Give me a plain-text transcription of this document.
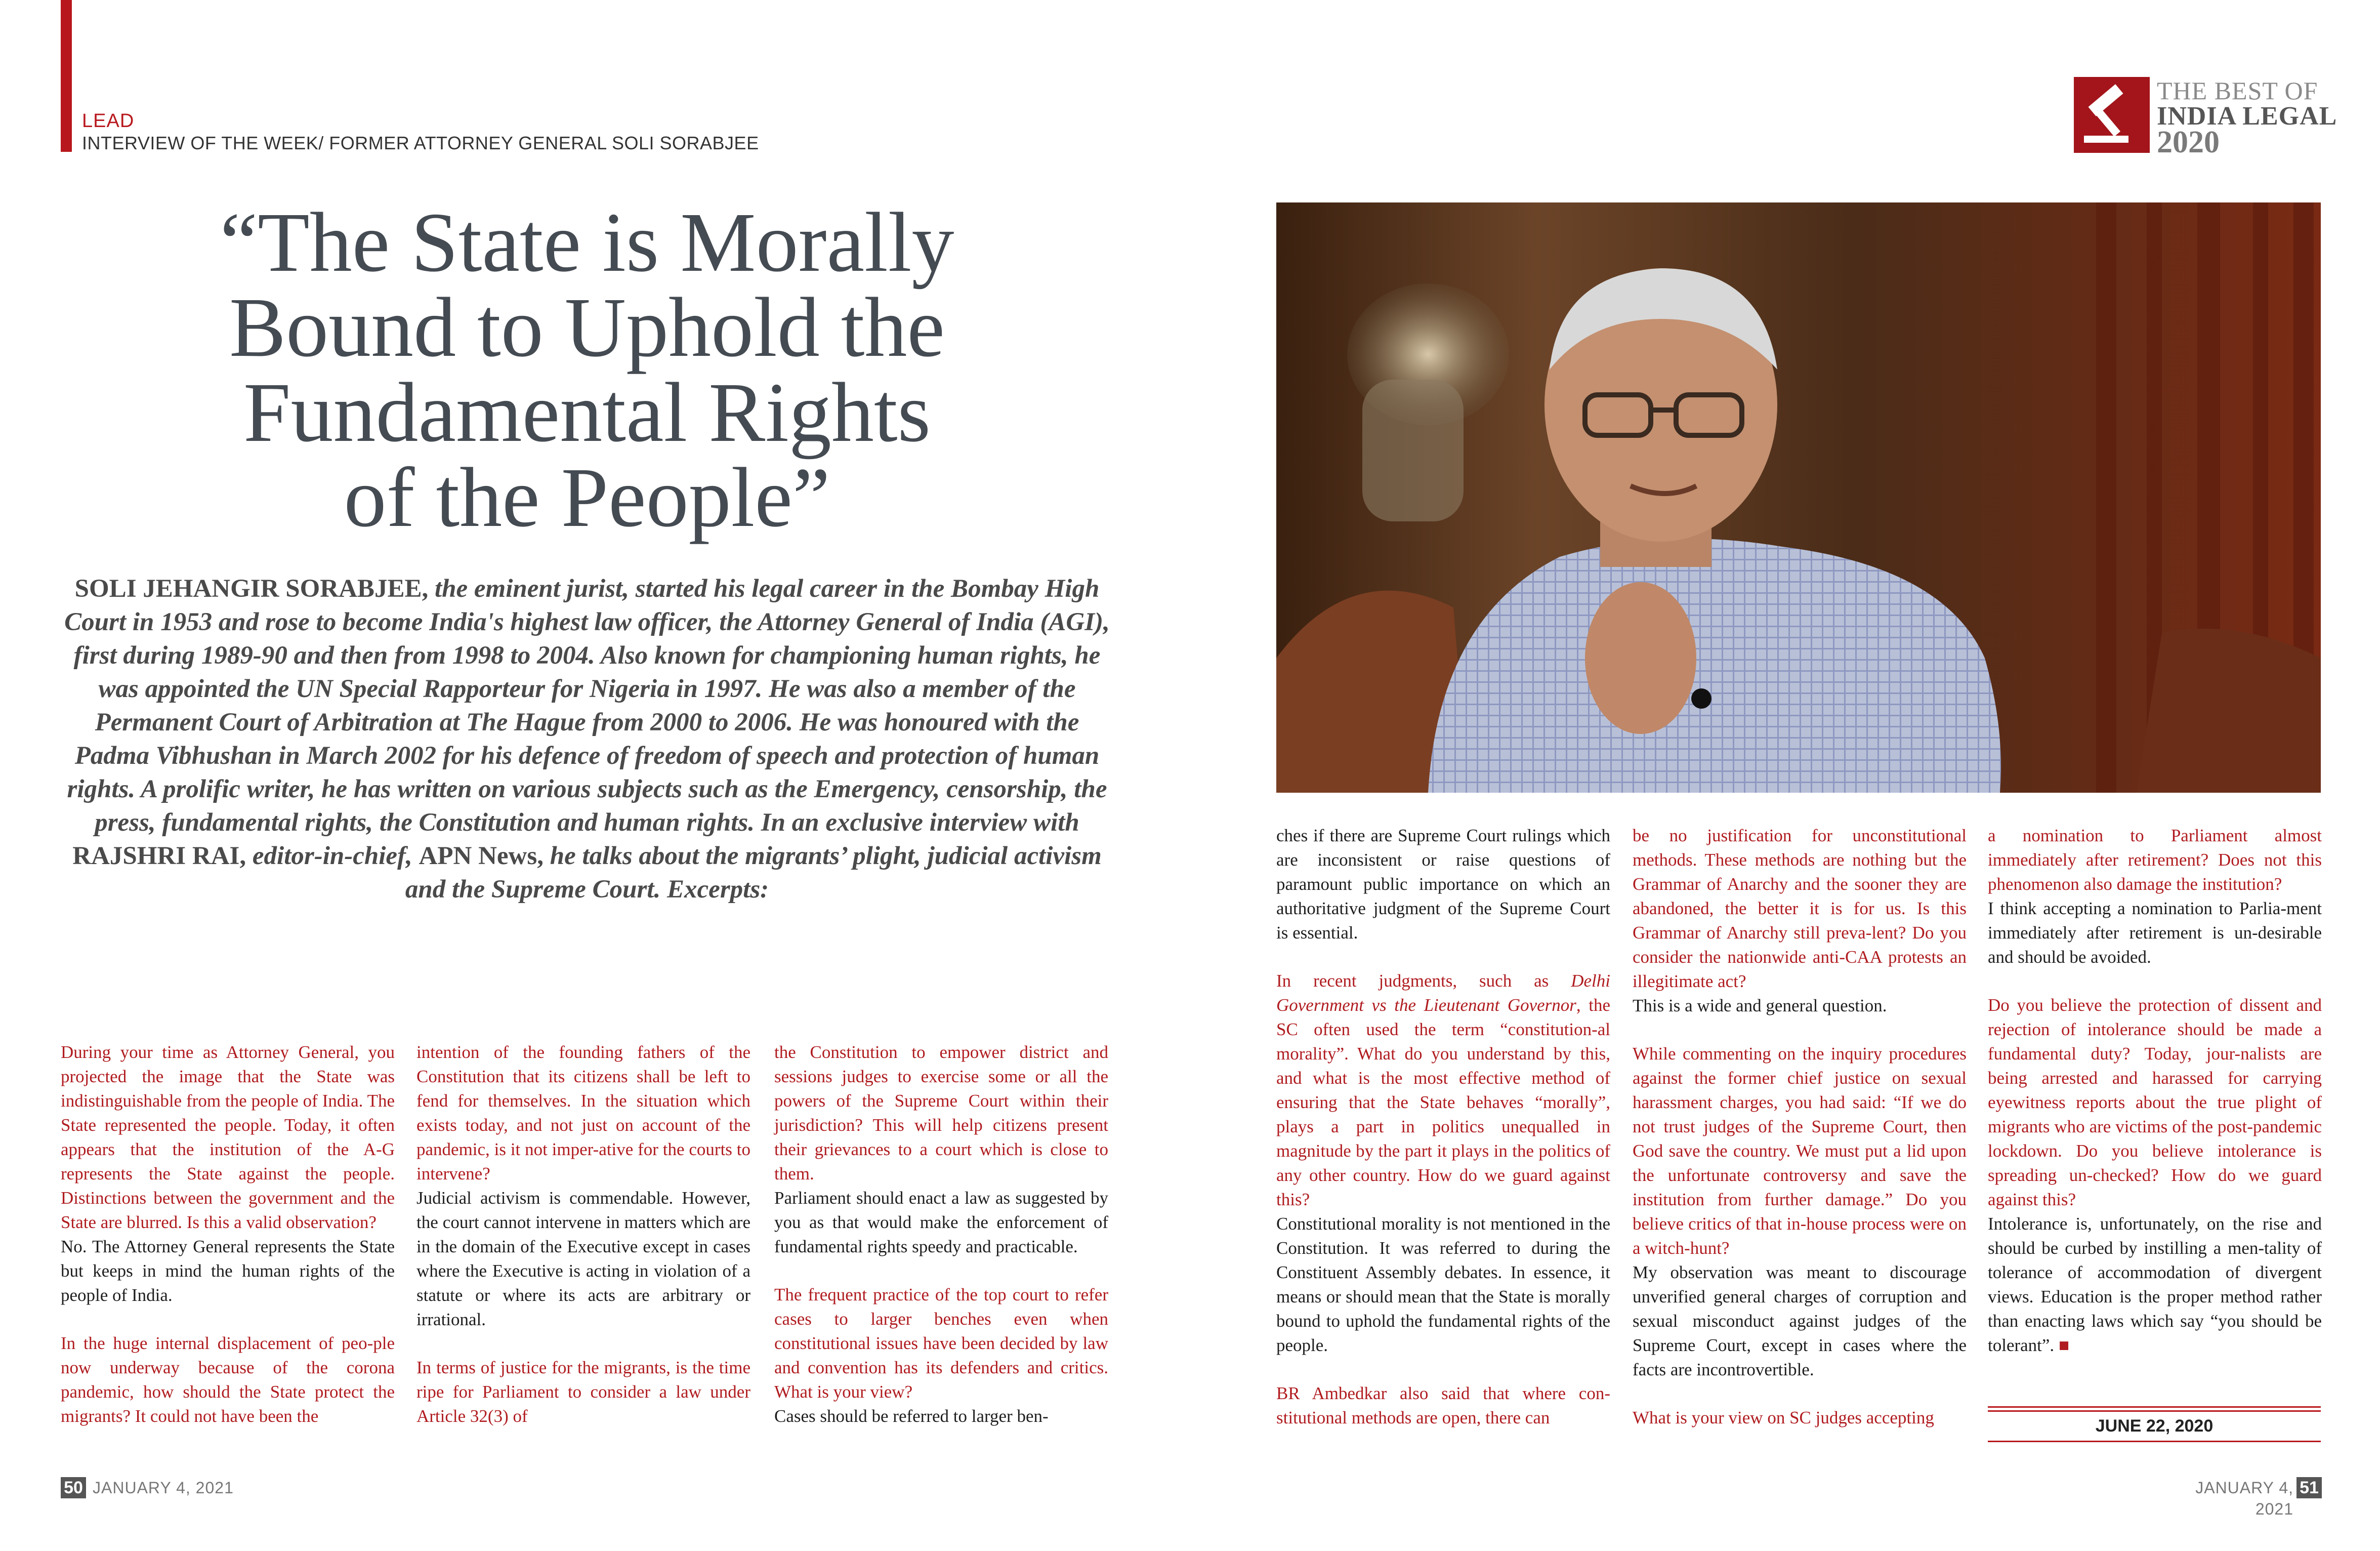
LEAD
INTERVIEW OF THE WEEK/ FORMER ATTORNEY GENERAL SOLI SORABJEE
THE BEST OF
INDIA LEGAL
2020
“The State is Morally
Bound to Uphold the
Fundamental Rights
of the People”
SOLI JEHANGIR SORABJEE, the eminent jurist, started his legal career in the Bombay High Court in 1953 and rose to become India's highest law officer, the Attorney General of India (AGI), first during 1989-90 and then from 1998 to 2004. Also known for championing human rights, he was appointed the UN Special Rapporteur for Nigeria in 1997. He was also a member of the Permanent Court of Arbitration at The Hague from 2000 to 2006. He was honoured with the Padma Vibhushan in March 2002 for his defence of freedom of speech and protection of human rights. A prolific writer, he has written on various subjects such as the Emergency, censorship, the press, fundamental rights, the Constitution and human rights. In an exclusive interview with RAJSHRI RAI, editor-in-chief, APN News, he talks about the migrants’ plight, judicial activism and the Supreme Court. Excerpts:

During your time as Attorney General, you projected the image that the State was indistinguishable from the people of India. The State represented the people. Today, it often appears that the institution of the A-G represents the State against the people. Distinctions between the government and the State are blurred. Is this a valid observation?
No. The Attorney General represents the State but keeps in mind the human rights of the people of India.

In the huge internal displacement of peo-ple now underway because of the corona pandemic, how should the State protect the migrants? It could not have been the

intention of the founding fathers of the Constitution that its citizens shall be left to fend for themselves. In the situation which exists today, and not just on account of the pandemic, is it not imper-ative for the courts to intervene?
Judicial activism is commendable. However, the court cannot intervene in matters which are in the domain of the Executive except in cases where the Executive is acting in violation of a statute or where its acts are arbitrary or irrational.

In terms of justice for the migrants, is the time ripe for Parliament to consider a law under Article 32(3) of

the Constitution to empower district and sessions judges to exercise some or all the powers of the Supreme Court within their jurisdiction? This will help citizens present their grievances to a court which is close to them.
Parliament should enact a law as suggested by you as that would make the enforcement of fundamental rights speedy and practicable.

The frequent practice of the top court to refer cases to larger benches even when constitutional issues have been decided by law and convention has its defenders and critics. What is your view?
Cases should be referred to larger ben-

ches if there are Supreme Court rulings which are inconsistent or raise questions of paramount public importance on which an authoritative judgment of the Supreme Court is essential.

In recent judgments, such as Delhi Government vs the Lieutenant Governor, the SC often used the term “constitution-al morality”. What do you understand by this, and what is the most effective method of ensuring that the State behaves “morally”, plays a part in politics unequalled in magnitude by the part it plays in the politics of any other country. How do we guard against this?
Constitutional morality is not mentioned in the Constitution. It was referred to during the Constituent Assembly debates. In essence, it means or should mean that the State is morally bound to uphold the fundamental rights of the people.

BR Ambedkar also said that where con-stitutional methods are open, there can

be no justification for unconstitutional methods. These methods are nothing but the Grammar of Anarchy and the sooner they are abandoned, the better it is for us. Is this Grammar of Anarchy still preva-lent? Do you consider the nationwide anti-CAA protests an illegitimate act?
This is a wide and general question.

While commenting on the inquiry procedures against the former chief justice on sexual harassment charges, you had said: “If we do not trust judges of the Supreme Court, then God save the country. We must put a lid upon the unfortunate controversy and save the institution from further damage.” Do you believe critics of that in-house process were on a witch-hunt?
My observation was meant to discourage unverified general charges of corruption and sexual misconduct against judges of the Supreme Court, except in cases where the facts are incontrovertible.

What is your view on SC judges accepting

a nomination to Parliament almost immediately after retirement? Does not this phenomenon also damage the institution?
I think accepting a nomination to Parlia-ment immediately after retirement is un-desirable and should be avoided.

Do you believe the protection of dissent and rejection of intolerance should be made a fundamental duty? Today, jour-nalists are being arrested and harassed for carrying eyewitness reports about the true plight of migrants who are victims of the post-pandemic lockdown. Do you believe intolerance is spreading un-checked? How do we guard against this?
Intolerance is, unfortunately, on the rise and should be curbed by instilling a men-tality of tolerance of accommodation of divergent views. Education is the proper method rather than enacting laws which say “you should be tolerant”. ■

JUNE 22, 2020
50 JANUARY 4, 2021	JANUARY 4, 2021
51
